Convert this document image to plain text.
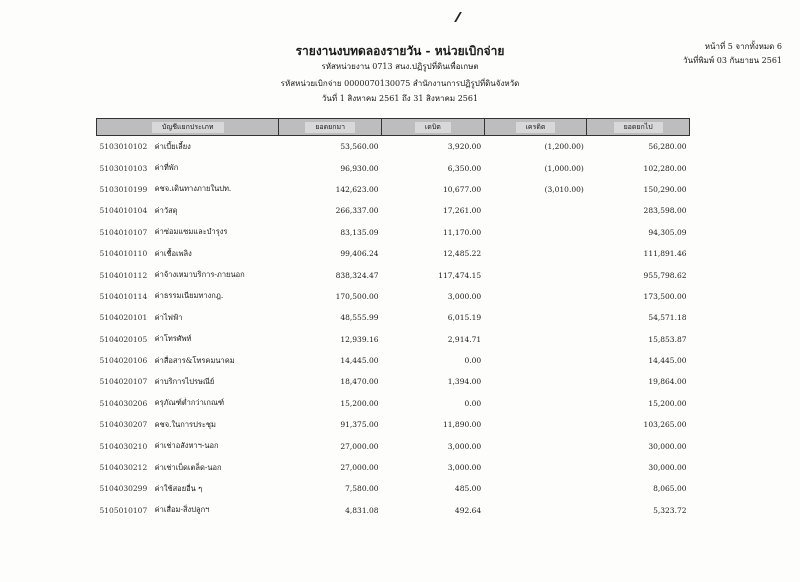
รายงานงบทดลองรายวัน - หน่วยเบิกจ่าย
รหัสหน่วยงาน 0713 สนง.ปฏิรูปที่ดินเพื่อเกษต
รหัสหน่วยเบิกจ่าย 0000070130075 สำนักงานการปฏิรูปที่ดินจังหวัด
วันที่ 1 สิงหาคม 2561 ถึง 31 สิงหาคม 2561
หน้าที่ 5 จากทั้งหมด 6
วันที่พิมพ์ 03 กันยายน 2561
บัญชีแยกประเภท		ยอดยกมา	เดบิต	เครดิต	ยอดยกไป
5103010102	ค่าเบี้ยเลี้ยง	53,560.00	3,920.00	(1,200.00)	56,280.00
5103010103	ค่าที่พัก	96,930.00	6,350.00	(1,000.00)	102,280.00
5103010199	คชจ.เดินทางภายในปท.	142,623.00	10,677.00	(3,010.00)	150,290.00
5104010104	ค่าวัสดุ	266,337.00	17,261.00		283,598.00
5104010107	ค่าซ่อมแซมและบำรุงร	83,135.09	11,170.00		94,305.09
5104010110	ค่าเชื้อเพลิง	99,406.24	12,485.22		111,891.46
5104010112	ค่าจ้างเหมาบริการ-ภายนอก	838,324.47	117,474.15		955,798.62
5104010114	ค่าธรรมเนียมทางกฎ.	170,500.00	3,000.00		173,500.00
5104020101	ค่าไฟฟ้า	48,555.99	6,015.19		54,571.18
5104020105	ค่าโทรศัพท์	12,939.16	2,914.71		15,853.87
5104020106	ค่าสื่อสาร&โทรคมนาคม	14,445.00	0.00		14,445.00
5104020107	ค่าบริการไปรษณีย์	18,470.00	1,394.00		19,864.00
5104030206	ครุภัณฑ์ต่ำกว่าเกณฑ์	15,200.00	0.00		15,200.00
5104030207	คชจ.ในการประชุม	91,375.00	11,890.00		103,265.00
5104030210	ค่าเช่าอสังหาฯ-นอก	27,000.00	3,000.00		30,000.00
5104030212	ค่าเช่าเบ็ดเตล็ด-นอก	27,000.00	3,000.00		30,000.00
5104030299	ค่าใช้สอยอื่น ๆ	7,580.00	485.00		8,065.00
5105010107	ค่าเสื่อม-สิ่งปลูกฯ	4,831.08	492.64		5,323.72
